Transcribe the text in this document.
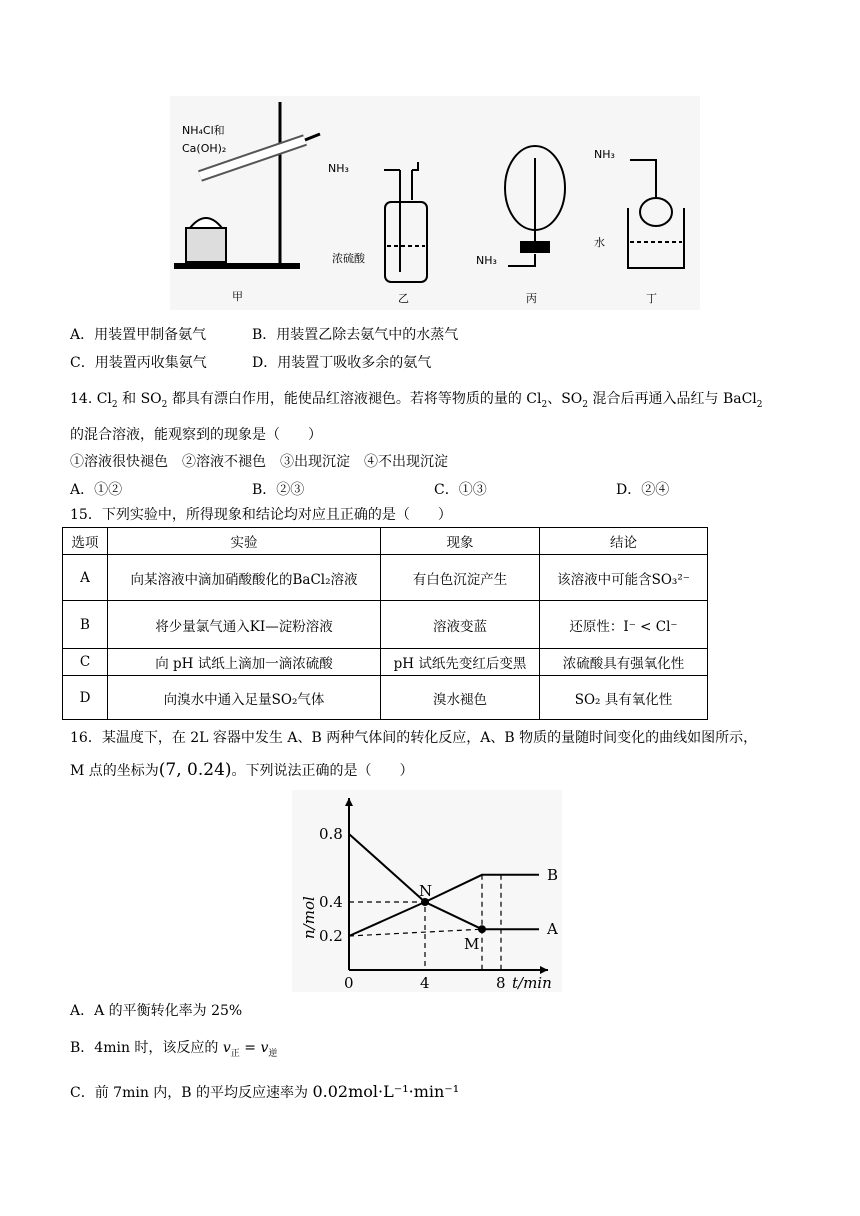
NH₄Cl和
Ca(OH)₂
甲
NH₃
浓硫酸
乙
NH₃
丙
NH₃
水
丁
A．用装置甲制备氨气	B．用装置乙除去氨气中的水蒸气
C．用装置丙收集氨气	D．用装置丁吸收多余的氨气
14. $Cl_2$ 和 $SO_2$ 都具有漂白作用，能使品红溶液褪色。若将等物质的量的 $Cl_2$、$SO_2$ 混合后再通入品红与 BaCl$_2$
的混合溶液，能观察到的现象是（　　）
①溶液很快褪色　②溶液不褪色　③出现沉淀　④不出现沉淀
A．①②	B．②③	C．①③	D．②④
15．下列实验中，所得现象和结论均对应且正确的是（　　）
选项	实验	现象	结论
A	向某溶液中滴加硝酸酸化的BaCl₂溶液	有白色沉淀产生	该溶液中可能含SO₃²⁻
B	将少量氯气通入KI—淀粉溶液	溶液变蓝	还原性：I⁻ < Cl⁻
C	向 pH 试纸上滴加一滴浓硫酸	pH 试纸先变红后变黑	浓硫酸具有强氧化性
D	向溴水中通入足量SO₂气体	溴水褪色	SO₂ 具有氧化性
16．某温度下，在 2L 容器中发生 A、B 两种气体间的转化反应，A、B 物质的量随时间变化的曲线如图所示，
M 点的坐标为(7, 0.24)。下列说法正确的是（　　）
0.2
0.4
0.8
0	4	8 t/min
n/mol	A
B
N
M
A．A 的平衡转化率为 25%
B．4min 时，该反应的 $v_正 = v_逆$
C．前 7min 内，B 的平均反应速率为 0.02mol·L⁻¹·min⁻¹
